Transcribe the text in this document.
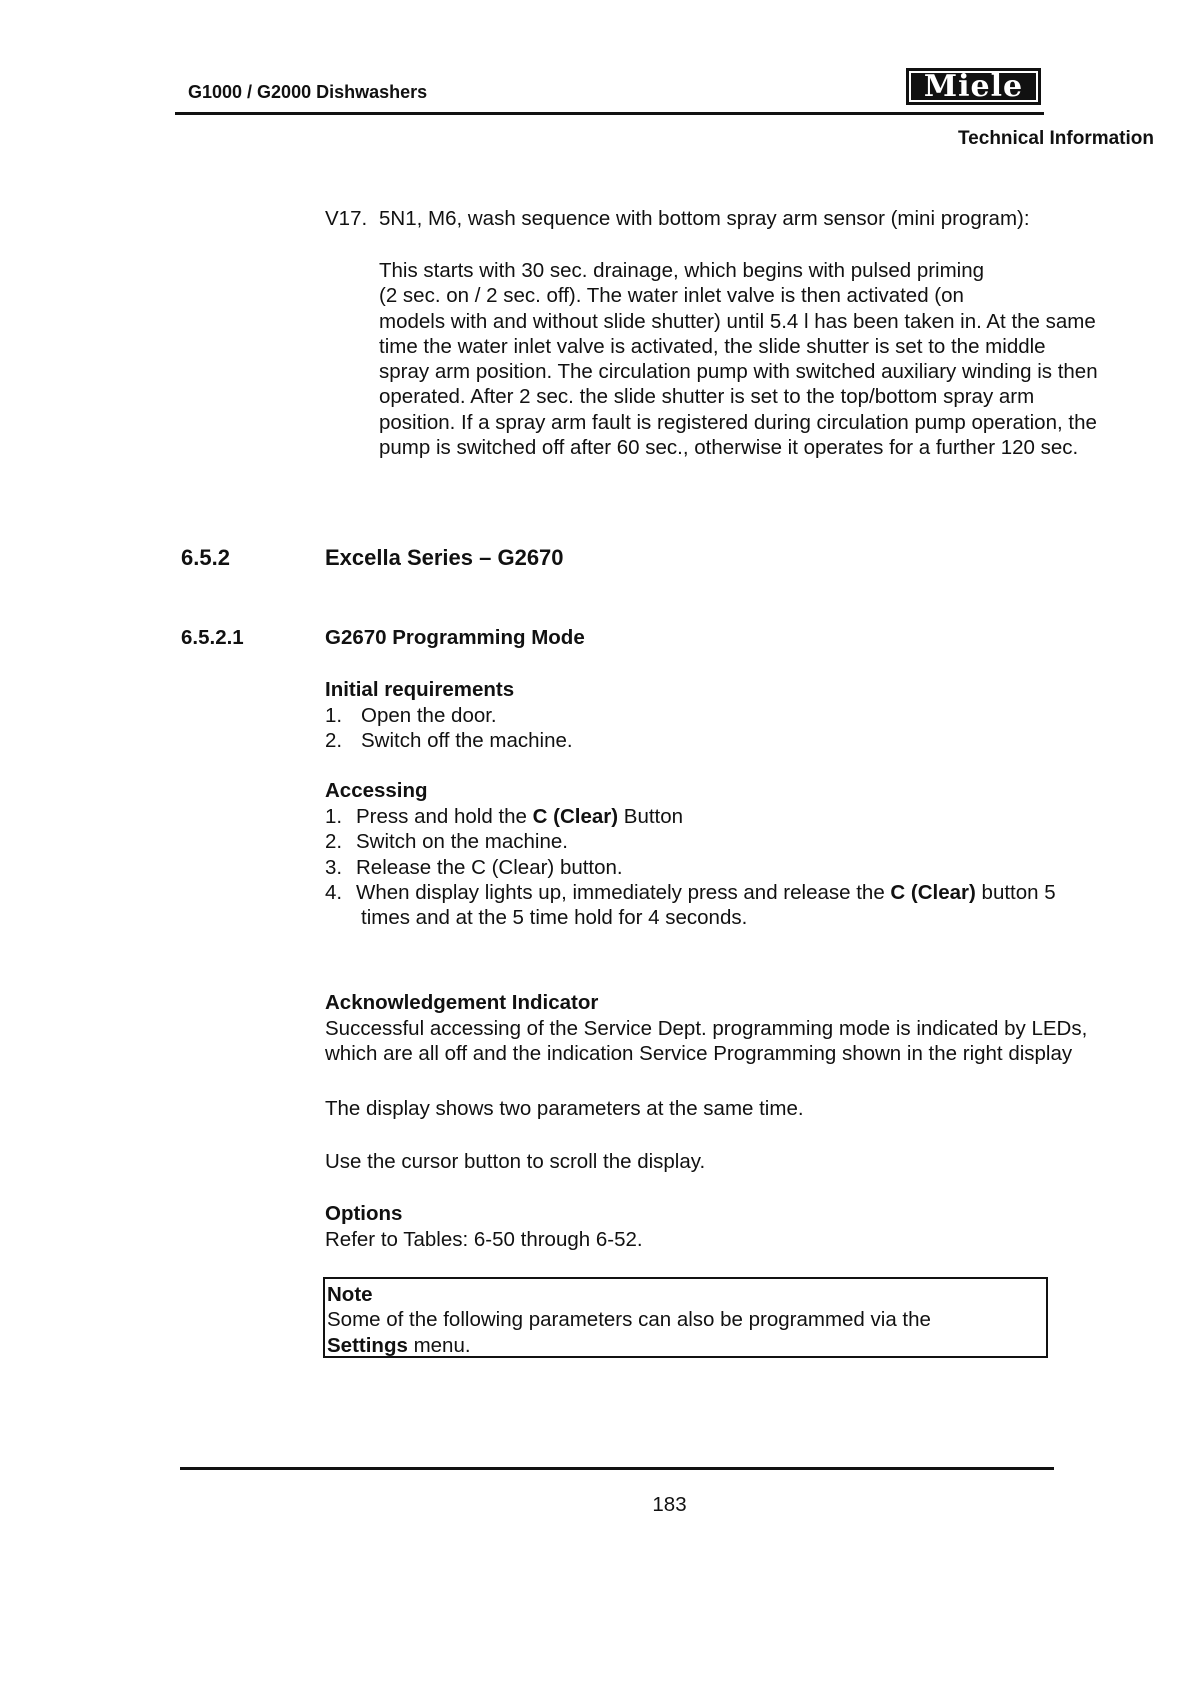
G1000 / G2000 Dishwashers	Miele
Technical Information
V17. 5N1, M6, wash sequence with bottom spray arm sensor (mini program):
This starts with 30 sec. drainage, which begins with pulsed priming
(2 sec. on / 2 sec. off). The water inlet valve is then activated (on
models with and without slide shutter) until 5.4 l has been taken in. At the same
time the water inlet valve is activated, the slide shutter is set to the middle
spray arm position. The circulation pump with switched auxiliary winding is then
operated. After 2 sec. the slide shutter is set to the top/bottom spray arm
position. If a spray arm fault is registered during circulation pump operation, the
pump is switched off after 60 sec., otherwise it operates for a further 120 sec.
6.5.2	Excella Series – G2670
6.5.2.1	G2670 Programming Mode
Initial requirements
1. Open the door.
2. Switch off the machine.
Accessing
1. Press and hold the C (Clear) Button
2. Switch on the machine.
3. Release the C (Clear) button.
4. When display lights up, immediately press and release the C (Clear) button 5
times and at the 5 time hold for 4 seconds.
Acknowledgement Indicator
Successful accessing of the Service Dept. programming mode is indicated by LEDs,
which are all off and the indication Service Programming shown in the right display
The display shows two parameters at the same time.
Use the cursor button to scroll the display.
Options
Refer to Tables: 6-50 through 6-52.
Note
Some of the following parameters can also be programmed via the
Settings menu.
183
